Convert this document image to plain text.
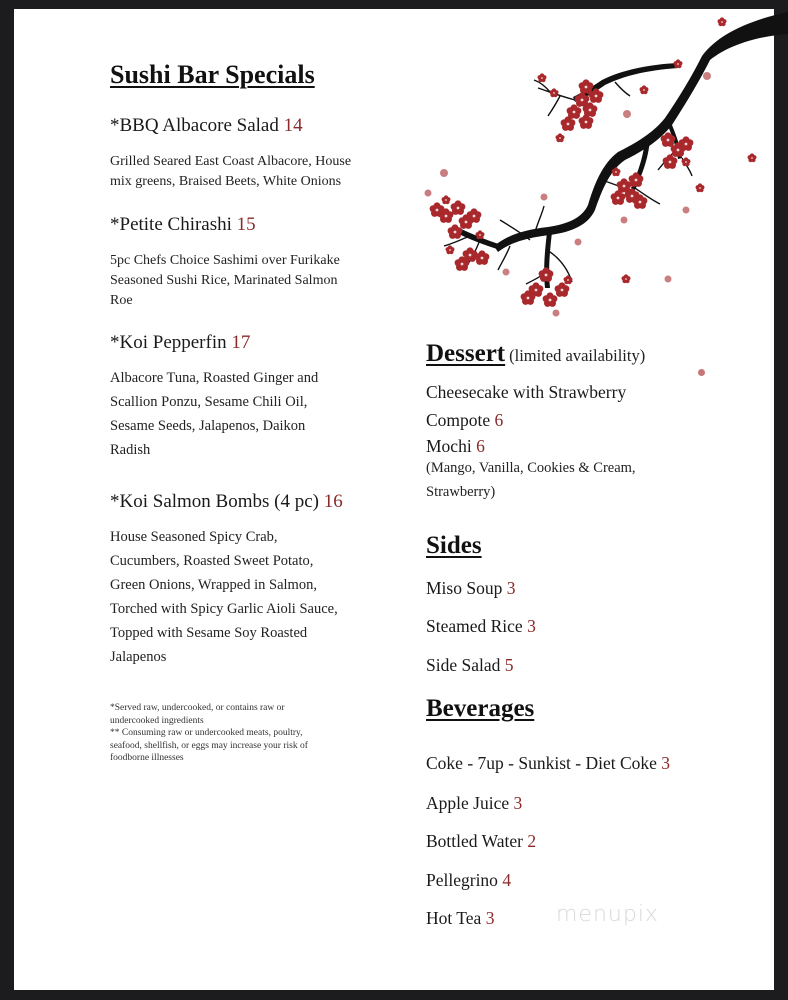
Sushi Bar Specials
*BBQ Albacore Salad 14
Grilled Seared East Coast Albacore, House
mix greens, Braised Beets, White Onions
*Petite Chirashi 15
5pc Chefs Choice Sashimi over Furikake
Seasoned Sushi Rice, Marinated Salmon
Roe
*Koi Pepperfin 17
Albacore Tuna, Roasted Ginger and
Scallion Ponzu, Sesame Chili Oil,
Sesame Seeds, Jalapenos, Daikon
Radish
*Koi Salmon Bombs (4 pc) 16
House Seasoned Spicy Crab,
Cucumbers, Roasted Sweet Potato,
Green Onions, Wrapped in Salmon,
Torched with Spicy Garlic Aioli Sauce,
Topped with Sesame Soy Roasted
Jalapenos
*Served raw, undercooked, or contains raw or
undercooked ingredients
** Consuming raw or undercooked meats, poultry,
seafood, shellfish, or eggs may increase your risk of
foodborne illnesses
Dessert (limited availability)
Cheesecake with Strawberry
Compote 6
Mochi 6
(Mango, Vanilla, Cookies & Cream,
Strawberry)
Sides
Miso Soup 3
Steamed Rice 3
Side Salad 5
Beverages
Coke - 7up - Sunkist - Diet Coke 3
Apple Juice 3
Bottled Water 2
Pellegrino 4
Hot Tea 3	menupix
